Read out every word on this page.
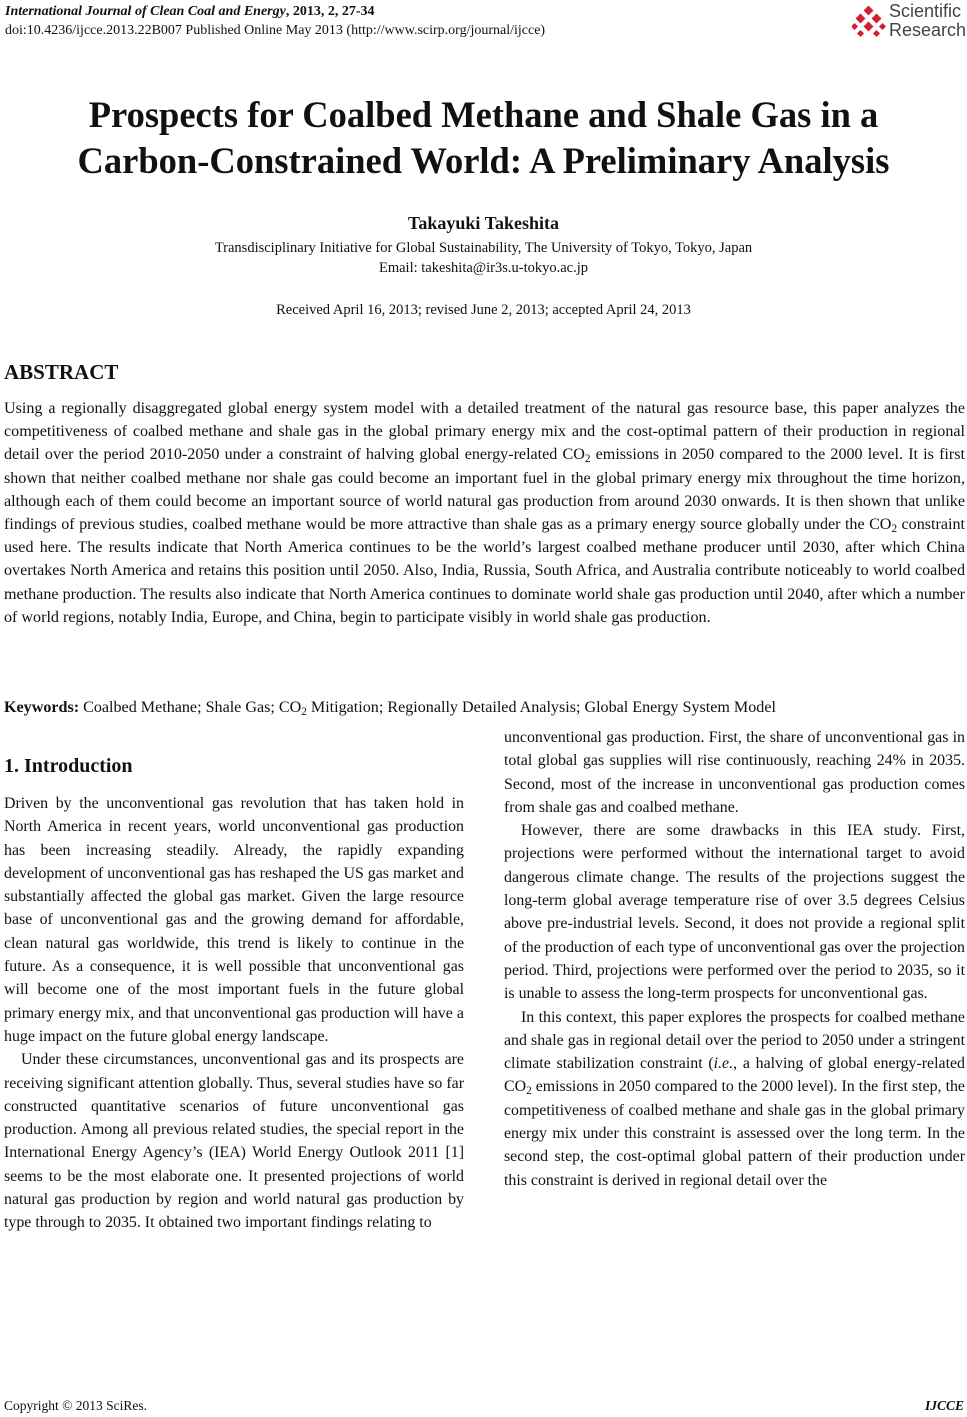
International Journal of Clean Coal and Energy, 2013, 2, 27-34
doi:10.4236/ijcce.2013.22B007 Published Online May 2013 (http://www.scirp.org/journal/ijcce)
Scientific
Research
Prospects for Coalbed Methane and Shale Gas in a
Carbon-Constrained World: A Preliminary Analysis
Takayuki Takeshita
Transdisciplinary Initiative for Global Sustainability, The University of Tokyo, Tokyo, Japan
Email: takeshita@ir3s.u-tokyo.ac.jp
Received April 16, 2013; revised June 2, 2013; accepted April 24, 2013
ABSTRACT
Using a regionally disaggregated global energy system model with a detailed treatment of the natural gas resource base, this paper analyzes the competitiveness of coalbed methane and shale gas in the global primary energy mix and the cost-optimal pattern of their production in regional detail over the period 2010-2050 under a constraint of halving global energy-related $CO_2$ emissions in 2050 compared to the 2000 level. It is first shown that neither coalbed methane nor shale gas could become an important fuel in the global primary energy mix throughout the time horizon, although each of them could become an important source of world natural gas production from around 2030 onwards. It is then shown that unlike findings of previous studies, coalbed methane would be more attractive than shale gas as a primary energy source globally under the $CO_2$ constraint used here. The results indicate that North America continues to be the world’s largest coalbed methane producer until 2030, after which China overtakes North America and retains this position until 2050. Also, India, Russia, South Africa, and Australia contribute noticeably to world coalbed methane production. The results also indicate that North America continues to dominate world shale gas production until 2040, after which a number of world regions, notably India, Europe, and China, begin to participate visibly in world shale gas production.
Keywords: Coalbed Methane; Shale Gas; $CO_2$ Mitigation; Regionally Detailed Analysis; Global Energy System Model
1. Introduction

Driven by the unconventional gas revolution that has taken hold in North America in recent years, world unconventional gas production has been increasing steadily. Already, the rapidly expanding development of unconventional gas has reshaped the US gas market and substantially affected the global gas market. Given the large resource base of unconventional gas and the growing demand for affordable, clean natural gas worldwide, this trend is likely to continue in the future. As a consequence, it is well possible that unconventional gas will become one of the most important fuels in the future global primary energy mix, and that unconventional gas production will have a huge impact on the future global energy landscape.

Under these circumstances, unconventional gas and its prospects are receiving significant attention globally. Thus, several studies have so far constructed quantitative scenarios of future unconventional gas production. Among all previous related studies, the special report in the International Energy Agency’s (IEA) World Energy Outlook 2011 [1] seems to be the most elaborate one. It presented projections of world natural gas production by region and world natural gas production by type through to 2035. It obtained two important findings relating to

unconventional gas production. First, the share of unconventional gas in total global gas supplies will rise continuously, reaching 24% in 2035. Second, most of the increase in unconventional gas production comes from shale gas and coalbed methane.

However, there are some drawbacks in this IEA study. First, projections were performed without the international target to avoid dangerous climate change. The results of the projections suggest the long-term global average temperature rise of over 3.5 degrees Celsius above pre-industrial levels. Second, it does not provide a regional split of the production of each type of unconventional gas over the projection period. Third, projections were performed over the period to 2035, so it is unable to assess the long-term prospects for unconventional gas.

In this context, this paper explores the prospects for coalbed methane and shale gas in regional detail over the period to 2050 under a stringent climate stabilization constraint (i.e., a halving of global energy-related $CO_2$ emissions in 2050 compared to the 2000 level). In the first step, the competitiveness of coalbed methane and shale gas in the global primary energy mix under this constraint is assessed over the long term. In the second step, the cost-optimal global pattern of their production under this constraint is derived in regional detail over the

Copyright © 2013 SciRes.	IJCCE
